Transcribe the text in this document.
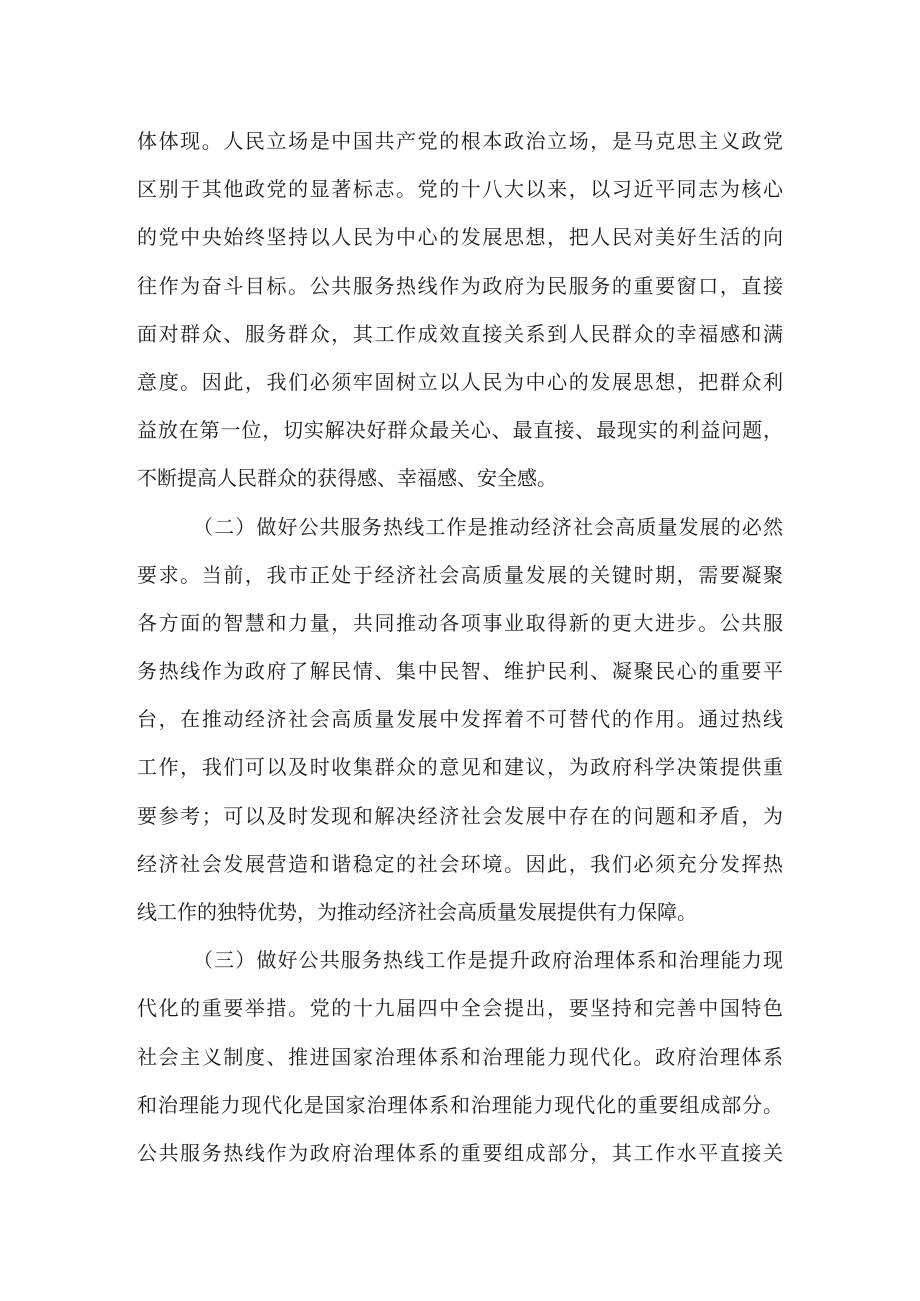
体体现。人民立场是中国共产党的根本政治立场，是马克思主义政党
区别于其他政党的显著标志。党的十八大以来，以习近平同志为核心
的党中央始终坚持以人民为中心的发展思想，把人民对美好生活的向
往作为奋斗目标。公共服务热线作为政府为民服务的重要窗口，直接
面对群众、服务群众，其工作成效直接关系到人民群众的幸福感和满
意度。因此，我们必须牢固树立以人民为中心的发展思想，把群众利
益放在第一位，切实解决好群众最关心、最直接、最现实的利益问题，
不断提高人民群众的获得感、幸福感、安全感。
（二）做好公共服务热线工作是推动经济社会高质量发展的必然
要求。当前，我市正处于经济社会高质量发展的关键时期，需要凝聚
各方面的智慧和力量，共同推动各项事业取得新的更大进步。公共服
务热线作为政府了解民情、集中民智、维护民利、凝聚民心的重要平
台，在推动经济社会高质量发展中发挥着不可替代的作用。通过热线
工作，我们可以及时收集群众的意见和建议，为政府科学决策提供重
要参考；可以及时发现和解决经济社会发展中存在的问题和矛盾，为
经济社会发展营造和谐稳定的社会环境。因此，我们必须充分发挥热
线工作的独特优势，为推动经济社会高质量发展提供有力保障。
（三）做好公共服务热线工作是提升政府治理体系和治理能力现
代化的重要举措。党的十九届四中全会提出，要坚持和完善中国特色
社会主义制度、推进国家治理体系和治理能力现代化。政府治理体系
和治理能力现代化是国家治理体系和治理能力现代化的重要组成部分。
公共服务热线作为政府治理体系的重要组成部分，其工作水平直接关
